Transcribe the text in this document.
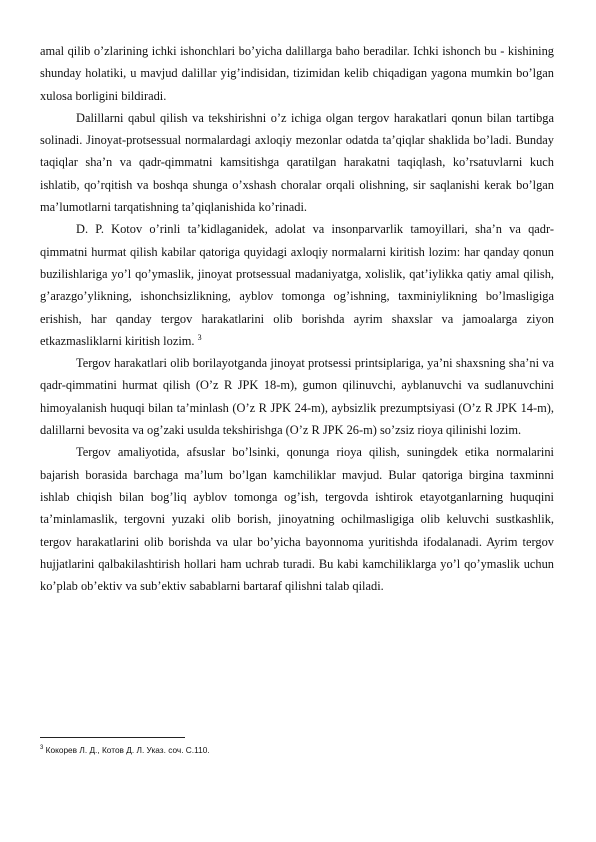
amal qilib o’zlarining ichki ishonchlari bo’yicha dalillarga baho beradilar. Ichki ishonch bu - kishining shunday holatiki, u mavjud dalillar yig’indisidan, tizimidan kelib chiqadigan yagona mumkin bo’lgan xulosa borligini bildiradi.

Dalillarni qabul qilish va tekshirishni o’z ichiga olgan tergov harakatlari qonun bilan tartibga solinadi. Jinoyat-protsessual normalardagi axloqiy mezonlar odatda ta’qiqlar shaklida bo’ladi. Bunday taqiqlar sha’n va qadr-qimmatni kamsitishga qaratilgan harakatni taqiqlash, ko’rsatuvlarni kuch ishlatib, qo’rqitish va boshqa shunga o’xshash choralar orqali olishning, sir saqlanishi kerak bo’lgan ma’lumotlarni tarqatishning ta’qiqlanishida ko’rinadi.

D. P. Kotov o’rinli ta’kidlaganidek, adolat va insonparvarlik tamoyillari, sha’n va qadr-qimmatni hurmat qilish kabilar qatoriga quyidagi axloqiy normalarni kiritish lozim: har qanday qonun buzilishlariga yo’l qo’ymaslik, jinoyat protsessual madaniyatga, xolislik, qat’iylikka qatiy amal qilish, g’arazgo’ylikning, ishonchsizlikning, ayblov tomonga og’ishning, taxminiylikning bo’lmasligiga erishish, har qanday tergov harakatlarini olib borishda ayrim shaxslar va jamoalarga ziyon etkazmasliklarni kiritish lozim. $^3$

Tergov harakatlari olib borilayotganda jinoyat protsessi printsiplariga, ya’ni shaxsning sha’ni va qadr-qimmatini hurmat qilish (O’z R JPK 18-m), gumon qilinuvchi, ayblanuvchi va sudlanuvchini himoyalanish huquqi bilan ta’minlash (O’z R JPK 24-m), aybsizlik prezumptsiyasi (O’z R JPK 14-m), dalillarni bevosita va og’zaki usulda tekshirishga (O’z R JPK 26-m) so’zsiz rioya qilinishi lozim.

Tergov amaliyotida, afsuslar bo’lsinki, qonunga rioya qilish, suningdek etika normalarini bajarish borasida barchaga ma’lum bo’lgan kamchiliklar mavjud. Bular qatoriga birgina taxminni ishlab chiqish bilan bog’liq ayblov tomonga og’ish, tergovda ishtirok etayotganlarning huquqini ta’minlamaslik, tergovni yuzaki olib borish, jinoyatning ochilmasligiga olib keluvchi sustkashlik, tergov harakatlarini olib borishda va ular bo’yicha bayonnoma yuritishda ifodalanadi. Ayrim tergov hujjatlarini qalbakilashtirish hollari ham uchrab turadi. Bu kabi kamchiliklarga yo’l qo’ymaslik uchun ko’plab ob’ektiv va sub’ektiv sabablarni bartaraf qilishni talab qiladi.

$^3$ Кокорев Л. Д., Котов Д. Л. Указ. соч. С.110.
